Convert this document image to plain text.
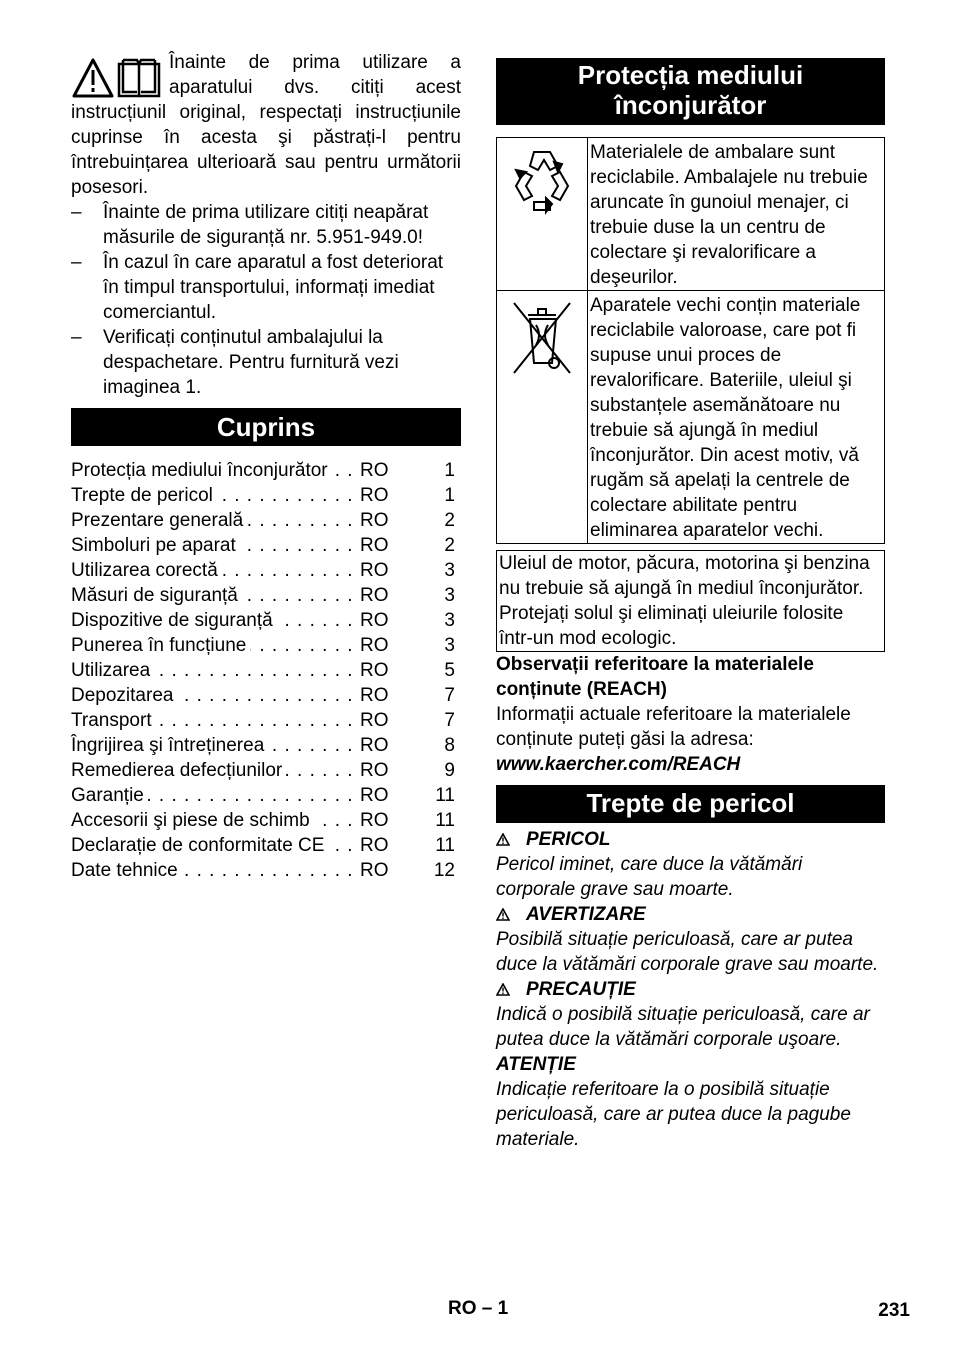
Înainte de prima utilizare a aparatului dvs. citiți acest instrucțiunil original, respectați instrucțiunile cuprinse în acesta şi păstrați-l pentru întrebuințarea ulterioară sau pentru următorii posesori.

– Înainte de prima utilizare citiți neapărat măsurile de siguranță nr. 5.951-949.0!
– În cazul în care aparatul a fost deteriorat în timpul transportului, informați imediat comerciantul.
– Verificați conținutul ambalajului la despachetare. Pentru furnitură vezi imaginea 1.
Cuprins
. . .
Protecția mediului înconjurător	RO	1
. . .
Trepte de pericol	RO	1
. . .
Prezentare generală	RO	2
. . .
Simboluri pe aparat	RO	2
. . .
Utilizarea corectă	RO	3
. . .
Măsuri de siguranță	RO	3
. . .
Dispozitive de siguranță	RO	3
. . .
Punerea în funcțiune	RO	3
. . .
Utilizarea	RO	5
. . .
Depozitarea	RO	7
. . .
Transport	RO	7
. . .
Îngrijirea şi întreținerea	RO	8
. . .
Remedierea defecțiunilor	RO	9
. . .
Garanție	RO	11
. . .
Accesorii şi piese de schimb	RO	11
. . .
Declarație de conformitate CE	RO	11
. . .
Date tehnice	RO	12
Protecția mediului
înconjurător
	Materialele de ambalare sunt reciclabile. Ambalajele nu trebuie aruncate în gunoiul menajer, ci trebuie duse la un centru de colectare şi revalorificare a deşeurilor.
	Aparatele vechi conțin materiale reciclabile valoroase, care pot fi supuse unui proces de revalorificare. Bateriile, uleiul şi substanțele asemănătoare nu trebuie să ajungă în mediul înconjurător. Din acest motiv, vă rugăm să apelați la centrele de colectare abilitate pentru eliminarea aparatelor vechi.
Uleiul de motor, păcura, motorina şi benzina nu trebuie să ajungă în mediul înconjurător. Protejați solul şi eliminați uleiurile folosite într-un mod ecologic.

Observații referitoare la materialele conținute (REACH)

Informații actuale referitoare la materialele conținute puteți găsi la adresa:

www.kaercher.com/REACH

Trepte de pericol
PERICOL

Pericol iminet, care duce la vătămări corporale grave sau moarte.

AVERTIZARE

Posibilă situație periculoasă, care ar putea duce la vătămări corporale grave sau moarte.

PRECAUȚIE

Indică o posibilă situație periculoasă, care ar putea duce la vătămări corporale uşoare.

ATENȚIE

Indicație referitoare la o posibilă situație periculoasă, care ar putea duce la pagube materiale.

RO – 1	231
